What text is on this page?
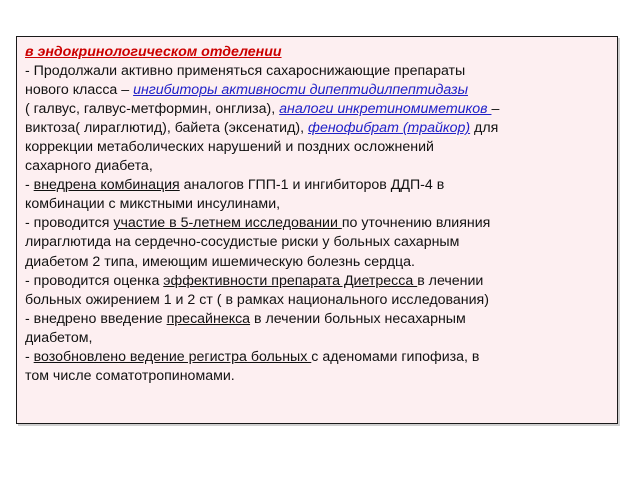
в эндокринологическом отделении
- Продолжали активно применяться сахароснижающие препараты
нового класса – ингибиторы активности дипептидилпептидазы
( галвус, галвус-метформин, онглиза), аналоги инкретиномиметиков –
виктоза( лираглютид), байета (эксенатид), фенофибрат (трайкор) для
коррекции метаболических нарушений и поздних осложнений
сахарного диабета,
- внедрена комбинация аналогов ГПП-1 и ингибиторов ДДП-4 в
комбинации с микстными инсулинами,
- проводится участие в 5-летнем исследовании по уточнению влияния
лираглютида на сердечно-сосудистые риски у больных сахарным
диабетом 2 типа, имеющим ишемическую болезнь сердца.
- проводится оценка эффективности препарата Диетресса в лечении
больных ожирением 1 и 2 ст ( в рамках национального исследования)
- внедрено введение пресайнекса в лечении больных несахарным
диабетом,
- возобновлено ведение регистра больных с аденомами гипофиза, в
том числе соматотропиномами.
